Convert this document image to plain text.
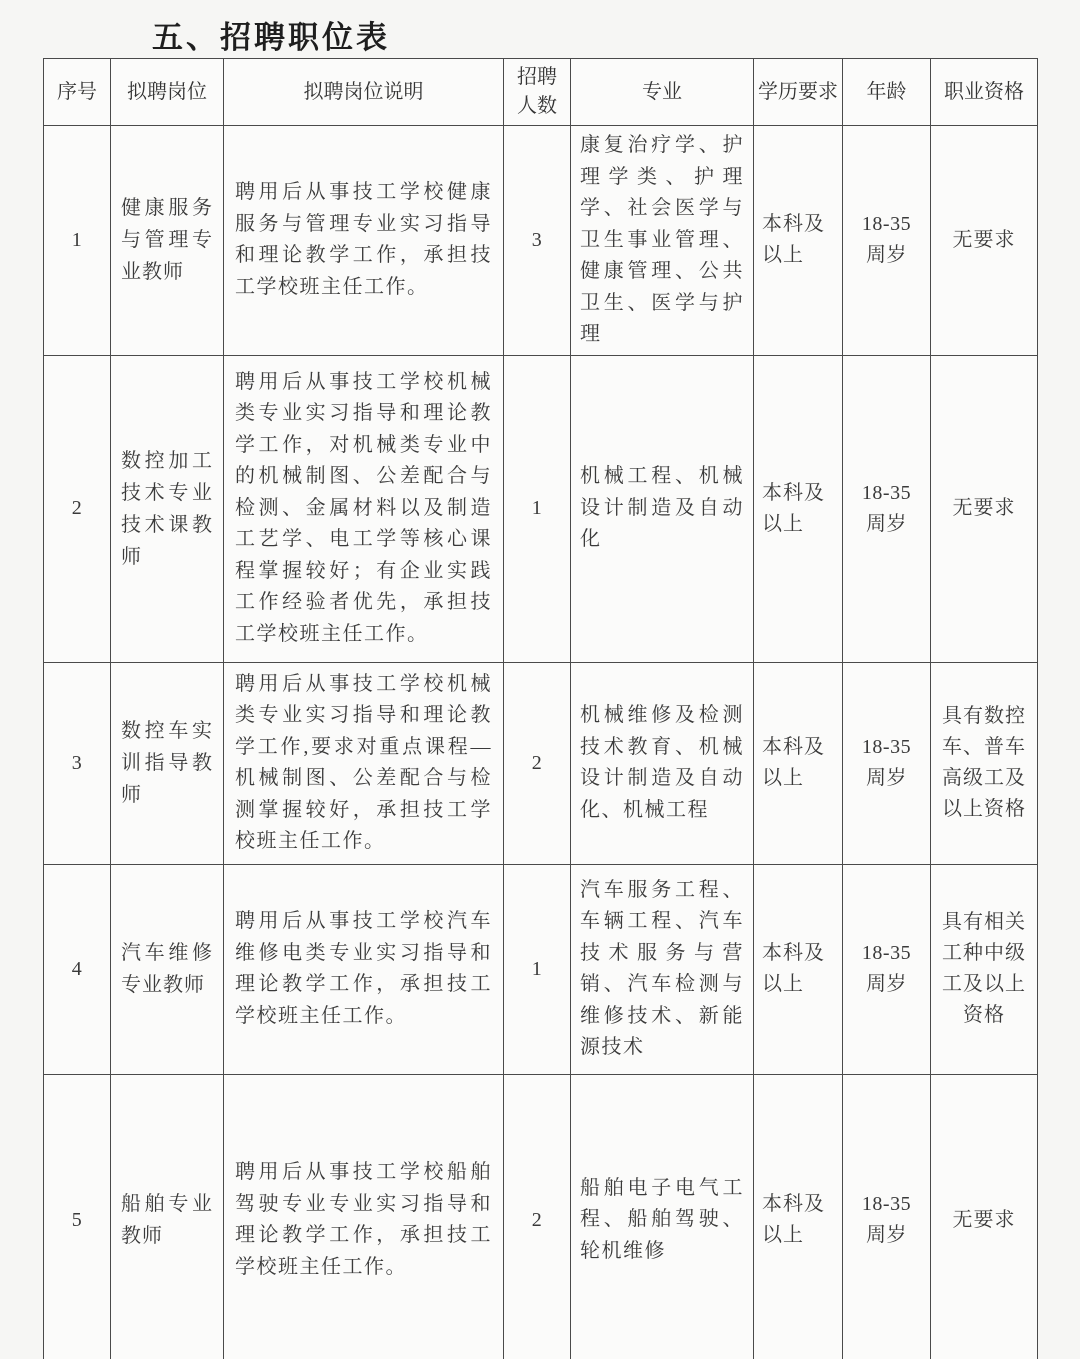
五、招聘职位表
序号	拟聘岗位	拟聘岗位说明	招聘人数	专业	学历要求	年龄	职业资格
1	健康服务与管理专业教师	聘用后从事技工学校健康服务与管理专业实习指导和理论教学工作，承担技工学校班主任工作。	3	康复治疗学、护理学类、护理学、社会医学与卫生事业管理、健康管理、公共卫生、医学与护理	本科及以上	18-35周岁	无要求
2	数控加工技术专业技术课教师	聘用后从事技工学校机械类专业实习指导和理论教学工作，对机械类专业中的机械制图、公差配合与检测、金属材料以及制造工艺学、电工学等核心课程掌握较好；有企业实践工作经验者优先，承担技工学校班主任工作。	1	机械工程、机械设计制造及自动化	本科及以上	18-35周岁	无要求
3	数控车实训指导教师	聘用后从事技工学校机械类专业实习指导和理论教学工作,要求对重点课程—机械制图、公差配合与检测掌握较好，承担技工学校班主任工作。	2	机械维修及检测技术教育、机械设计制造及自动化、机械工程	本科及以上	18-35周岁	具有数控车、普车高级工及以上资格
4	汽车维修专业教师	聘用后从事技工学校汽车维修电类专业实习指导和理论教学工作，承担技工学校班主任工作。	1	汽车服务工程、车辆工程、汽车技术服务与营销、汽车检测与维修技术、新能源技术	本科及以上	18-35周岁	具有相关工种中级工及以上资格
5	船舶专业教师	聘用后从事技工学校船舶驾驶专业专业实习指导和理论教学工作，承担技工学校班主任工作。	2	船舶电子电气工程、船舶驾驶、轮机维修	本科及以上	18-35周岁	无要求
